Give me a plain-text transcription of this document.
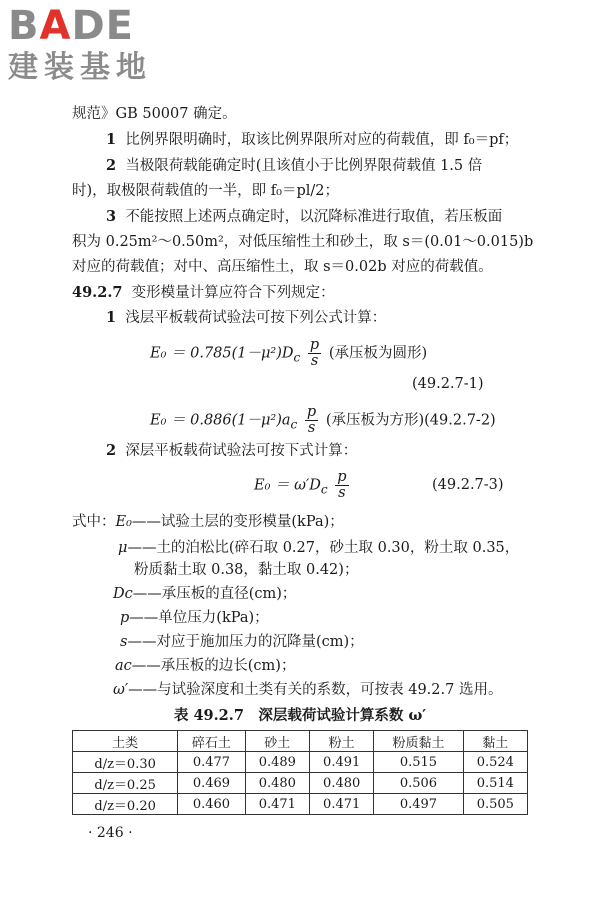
BADE
建装基地
规范》GB 50007 确定。
1 比例界限明确时，取该比例界限所对应的荷载值，即 f₀＝pf；
2 当极限荷载能确定时(且该值小于比例界限荷载值 1.5 倍
时)，取极限荷载值的一半，即 f₀＝pl/2；
3 不能按照上述两点确定时，以沉降标准进行取值，若压板面
积为 0.25m²～0.50m²，对低压缩性土和砂土，取 s＝(0.01～0.015)b
对应的荷载值；对中、高压缩性土，取 s＝0.02b 对应的荷载值。
49.2.7 变形模量计算应符合下列规定：
1 浅层平板载荷试验法可按下列公式计算：
$E_0 = 0.785(1-\mu^2)D_c \frac{p}{s}$ (承压板为圆形)
(49.2.7-1)
$E_0 = 0.886(1-\mu^2)a_c \frac{p}{s}$ (承压板为方形)(49.2.7-2)
2 深层平板载荷试验法可按下式计算：
$E_0 = \omega'D_c \frac{p}{s}$	(49.2.7-3)
式中：E₀——试验土层的变形模量(kPa)；
μ——土的泊松比(碎石取 0.27，砂土取 0.30，粉土取 0.35，
粉质黏土取 0.38，黏土取 0.42)；
Dc——承压板的直径(cm)；
p——单位压力(kPa)；
s——对应于施加压力的沉降量(cm)；
ac——承压板的边长(cm)；
ω′——与试验深度和土类有关的系数，可按表 49.2.7 选用。
表 49.2.7　深层载荷试验计算系数 ω′
土类	碎石土	砂土	粉土	粉质黏土	黏土
d/z＝0.30	0.477	0.489	0.491	0.515	0.524
d/z＝0.25	0.469	0.480	0.480	0.506	0.514
d/z＝0.20	0.460	0.471	0.471	0.497	0.505
· 246 ·
